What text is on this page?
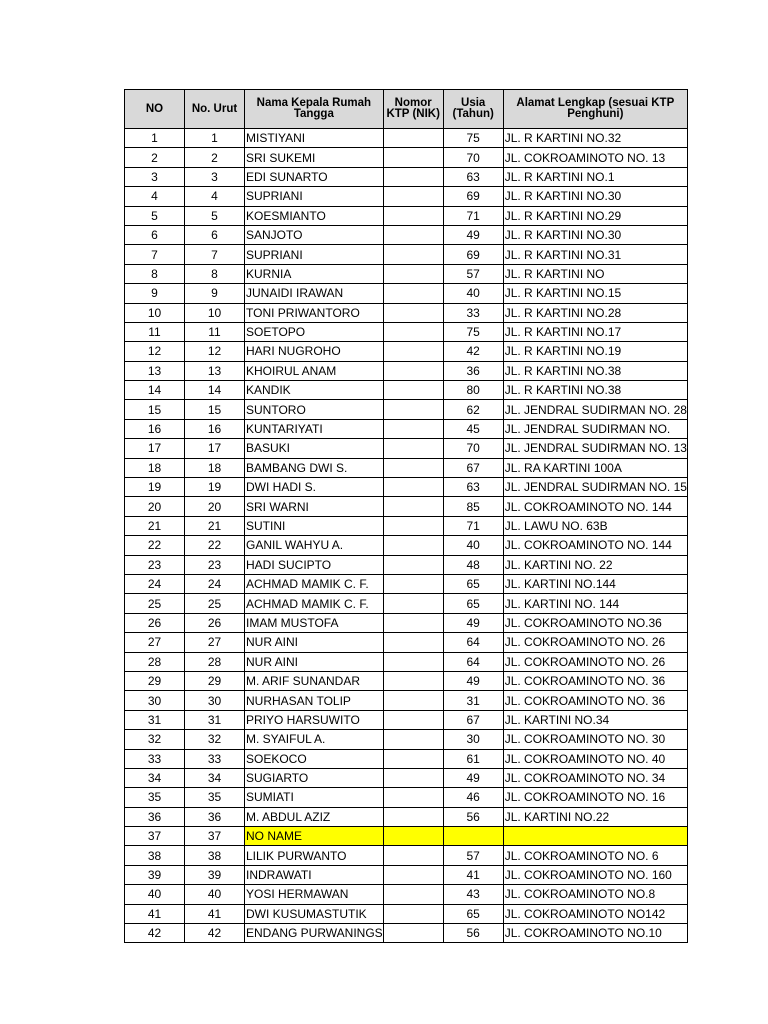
NO	No. Urut	Nama Kepala Rumah Tangga	Nomor KTP (NIK)	Usia (Tahun)	Alamat Lengkap (sesuai KTP Penghuni)

1	1	MISTIYANI		75	JL. R KARTINI NO.32
2	2	SRI SUKEMI		70	JL. COKROAMINOTO NO. 13
3	3	EDI SUNARTO		63	JL. R KARTINI NO.1
4	4	SUPRIANI		69	JL. R KARTINI NO.30
5	5	KOESMIANTO		71	JL. R KARTINI NO.29
6	6	SANJOTO		49	JL. R KARTINI NO.30
7	7	SUPRIANI		69	JL. R KARTINI NO.31
8	8	KURNIA		57	JL. R KARTINI NO
9	9	JUNAIDI IRAWAN		40	JL. R KARTINI NO.15
10	10	TONI PRIWANTORO		33	JL. R KARTINI NO.28
11	11	SOETOPO		75	JL. R KARTINI NO.17
12	12	HARI NUGROHO		42	JL. R KARTINI NO.19
13	13	KHOIRUL ANAM		36	JL. R KARTINI NO.38
14	14	KANDIK		80	JL. R KARTINI NO.38
15	15	SUNTORO		62	JL. JENDRAL SUDIRMAN NO. 28
16	16	KUNTARIYATI		45	JL. JENDRAL SUDIRMAN NO.
17	17	BASUKI		70	JL. JENDRAL SUDIRMAN NO. 13
18	18	BAMBANG DWI S.		67	JL. RA KARTINI 100A
19	19	DWI HADI S.		63	JL. JENDRAL SUDIRMAN NO. 15
20	20	SRI WARNI		85	JL. COKROAMINOTO NO. 144
21	21	SUTINI		71	JL. LAWU NO. 63B
22	22	GANIL WAHYU A.		40	JL. COKROAMINOTO NO. 144
23	23	HADI SUCIPTO		48	JL. KARTINI NO. 22
24	24	ACHMAD MAMIK C. F.		65	JL. KARTINI NO.144
25	25	ACHMAD MAMIK C. F.		65	JL. KARTINI NO. 144
26	26	IMAM MUSTOFA		49	JL. COKROAMINOTO NO.36
27	27	NUR AINI		64	JL. COKROAMINOTO NO. 26
28	28	NUR AINI		64	JL. COKROAMINOTO NO. 26
29	29	M. ARIF SUNANDAR		49	JL. COKROAMINOTO NO. 36
30	30	NURHASAN TOLIP		31	JL. COKROAMINOTO NO. 36
31	31	PRIYO HARSUWITO		67	JL. KARTINI NO.34
32	32	M. SYAIFUL A.		30	JL. COKROAMINOTO NO. 30
33	33	SOEKOCO		61	JL. COKROAMINOTO NO. 40
34	34	SUGIARTO		49	JL. COKROAMINOTO NO. 34
35	35	SUMIATI		46	JL. COKROAMINOTO NO. 16
36	36	M. ABDUL AZIZ		56	JL. KARTINI NO.22
37	37	NO NAME			
38	38	LILIK PURWANTO		57	JL. COKROAMINOTO NO. 6
39	39	INDRAWATI		41	JL. COKROAMINOTO NO. 160
40	40	YOSI HERMAWAN		43	JL. COKROAMINOTO NO.8
41	41	DWI KUSUMASTUTIK		65	JL. COKROAMINOTO NO142
42	42	ENDANG PURWANINGS		56	JL. COKROAMINOTO NO.10
